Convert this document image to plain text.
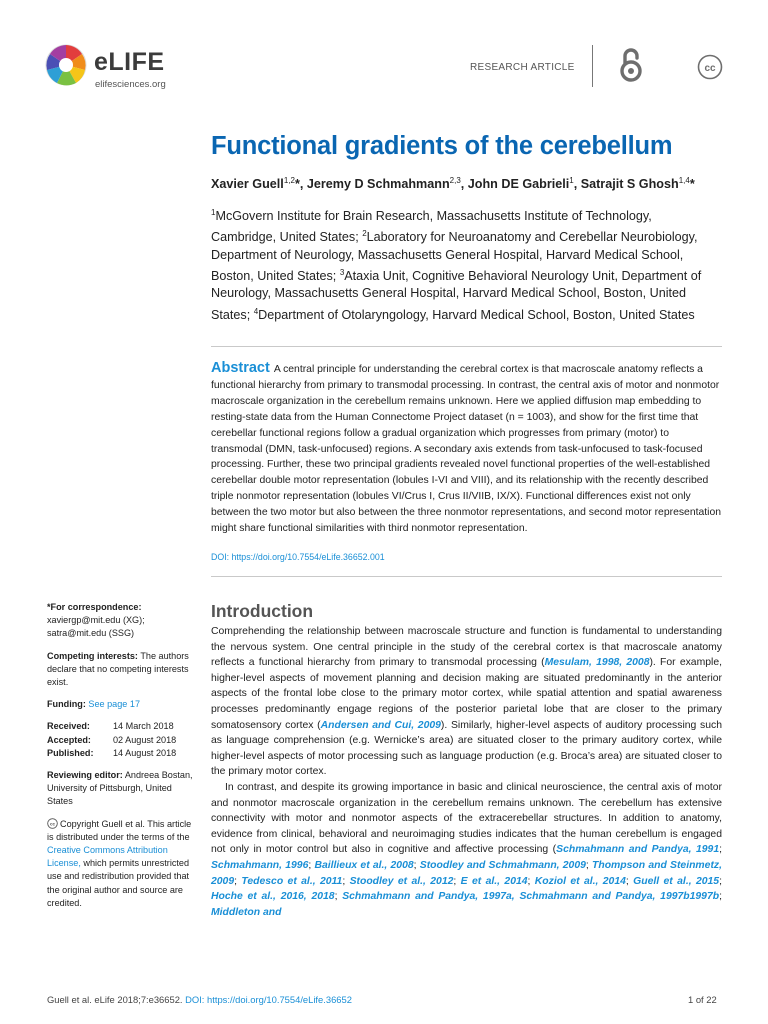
eLIFE
elifesciences.org
RESEARCH ARTICLE	cc
Functional gradients of the cerebellum
Xavier Guell$^{1,2}$*, Jeremy D Schmahmann$^{2,3}$, John DE Gabrieli$^1$, Satrajit S Ghosh$^{1,4}$*
$^1$McGovern Institute for Brain Research, Massachusetts Institute of Technology, Cambridge, United States; $^2$Laboratory for Neuroanatomy and Cerebellar Neurobiology, Department of Neurology, Massachusetts General Hospital, Harvard Medical School, Boston, United States; $^3$Ataxia Unit, Cognitive Behavioral Neurology Unit, Department of Neurology, Massachusetts General Hospital, Harvard Medical School, Boston, United States; $^4$Department of Otolaryngology, Harvard Medical School, Boston, United States
Abstract A central principle for understanding the cerebral cortex is that macroscale anatomy reflects a functional hierarchy from primary to transmodal processing. In contrast, the central axis of motor and nonmotor macroscale organization in the cerebellum remains unknown. Here we applied diffusion map embedding to resting-state data from the Human Connectome Project dataset (n = 1003), and show for the first time that cerebellar functional regions follow a gradual organization which progresses from primary (motor) to transmodal (DMN, task-unfocused) regions. A secondary axis extends from task-unfocused to task-focused processing. Further, these two principal gradients revealed novel functional properties of the well-established cerebellar double motor representation (lobules I-VI and VIII), and its relationship with the recently described triple nonmotor representation (lobules VI/Crus I, Crus II/VIIB, IX/X). Functional differences exist not only between the two motor but also between the three nonmotor representations, and second motor representation might share functional similarities with third nonmotor representation.
DOI: https://doi.org/10.7554/eLife.36652.001

*For correspondence:
xaviergp@mit.edu (XG);
satra@mit.edu (SSG)

Competing interests: The authors declare that no competing interests exist.

Funding: See page 17

Received:	14 March 2018
Accepted: 02 August 2018
Published: 14 August 2018

Reviewing editor: Andreea Bostan, University of Pittsburgh, United States

cc Copyright Guell et al. This article is distributed under the terms of the Creative Commons Attribution License, which permits unrestricted use and redistribution provided that the original author and source are credited.

Introduction

Comprehending the relationship between macroscale structure and function is fundamental to understanding the nervous system. One central principle in the study of the cerebral cortex is that macroscale anatomy reflects a functional hierarchy from primary to transmodal processing (Mesulam, 1998, 2008). For example, higher-level aspects of movement planning and decision making are situated predominantly in the anterior aspects of the frontal lobe close to the primary motor cortex, while spatial attention and spatial awareness processes predominantly engage regions of the posterior parietal lobe that are closer to the primary somatosensory cortex (Andersen and Cui, 2009). Similarly, higher-level aspects of auditory processing such as language comprehension (e.g. Wernicke’s area) are situated closer to the primary auditory cortex, while higher-level aspects of motor processing such as language production (e.g. Broca’s area) are situated closer to the primary motor cortex.

In contrast, and despite its growing importance in basic and clinical neuroscience, the central axis of motor and nonmotor macroscale organization in the cerebellum remains unknown. The cerebellum has extensive connectivity with motor and nonmotor aspects of the extracerebellar structures. In addition to anatomy, evidence from clinical, behavioral and neuroimaging studies indicates that the human cerebellum is engaged not only in motor control but also in cognitive and affective processing (Schmahmann and Pandya, 1991; Schmahmann, 1996; Baillieux et al., 2008; Stoodley and Schmahmann, 2009; Thompson and Steinmetz, 2009; Tedesco et al., 2011; Stoodley et al., 2012; E et al., 2014; Koziol et al., 2014; Guell et al., 2015; Hoche et al., 2016, 2018; Schmahmann and Pandya, 1997a, Schmahmann and Pandya, 1997b1997b; Middleton and

Guell et al. eLife 2018;7:e36652. DOI: https://doi.org/10.7554/eLife.36652	1 of 22
